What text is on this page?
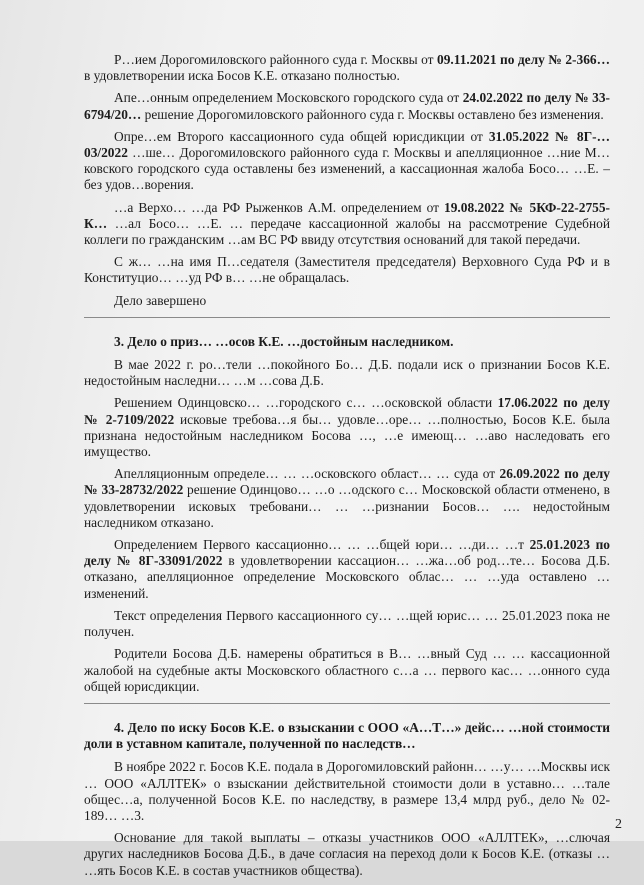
Р…ием Дорогомиловского районного суда г. Москвы от 09.11.2021 по делу № 2-366… в удовлетворении иска Босов К.Е. отказано полностью.

Апе…онным определением Московского городского суда от 24.02.2022 по делу № 33-6794/20… решение Дорогомиловского районного суда г. Москвы оставлено без изменения.

Опре…ем Второго кассационного суда общей юрисдикции от 31.05.2022 № 8Г-…03/2022 …ше… Дорогомиловского районного суда г. Москвы и апелляционное …ние М…ковского городского суда оставлены без изменений, а кассационная жалоба Босо… …Е. – без удов…ворения.

…а Верхо… …да РФ Рыженков А.М. определением от 19.08.2022 № 5КФ-22-2755-К… …ал Босо… …Е. … передаче кассационной жалобы на рассмотрение Судебной коллеги по гражданским …ам ВС РФ ввиду отсутствия оснований для такой передачи.

С ж… …на имя П…седателя (Заместителя председателя) Верховного Суда РФ и в Конституцио… …уд РФ в… …не обращалась.

Дело завершено

3. Дело о приз… …осов К.Е. …достойным наследником.

В мае 2022 г. ро…тели …покойного Бо… Д.Б. подали иск о признании Босов К.Е. недостойным наследни… …м …сова Д.Б.

Решением Одинцовско… …городского с… …осковской области 17.06.2022 по делу № 2-7109/2022 исковые требова…я бы… удовле…оре… …полностью, Босов К.Е. была признана недостойным наследником Босова …, …е имеющ… …аво наследовать его имущество.

Апелляционным определе… … …осковского област… … суда от 26.09.2022 по делу № 33-28732/2022 решение Одинцово… …о …одского с… Московской области отменено, в удовлетворении исковых требовани… … …ризнании Босов… …. недостойным наследником отказано.

Определением Первого кассационно… … …бщей юри… …ди… …т 25.01.2023 по делу № 8Г-33091/2022 в удовлетворении кассацион… …жа…об род…те… Босова Д.Б. отказано, апелляционное определение Московского облас… … …уда оставлено … изменений.

Текст определения Первого кассационного су… …щей юрис… … 25.01.2023 пока не получен.

Родители Босова Д.Б. намерены обратиться в В… …вный Суд … … кассационной жалобой на судебные акты Московского областного с…а … первого кас… …онного суда общей юрисдикции.

4. Дело по иску Босов К.Е. о взыскании с ООО «А…Т…» дейс… …ной стоимости доли в уставном капитале, полученной по наследств…

В ноябре 2022 г. Босов К.Е. подала в Дорогомиловский районн… …у… …Москвы иск … ООО «АЛЛТЕК» о взыскании действительной стоимости доли в уставно… …тале общес…а, полученной Босов К.Е. по наследству, в размере 13,4 млрд руб., дело № 02-189… …3.

Основание для такой выплаты – отказы участников ООО «АЛЛТЕК», …слючая других наследников Босова Д.Б., в даче согласия на переход доли к Босов К.Е. (отказы … …ять Босов К.Е. в состав участников общества).

2
